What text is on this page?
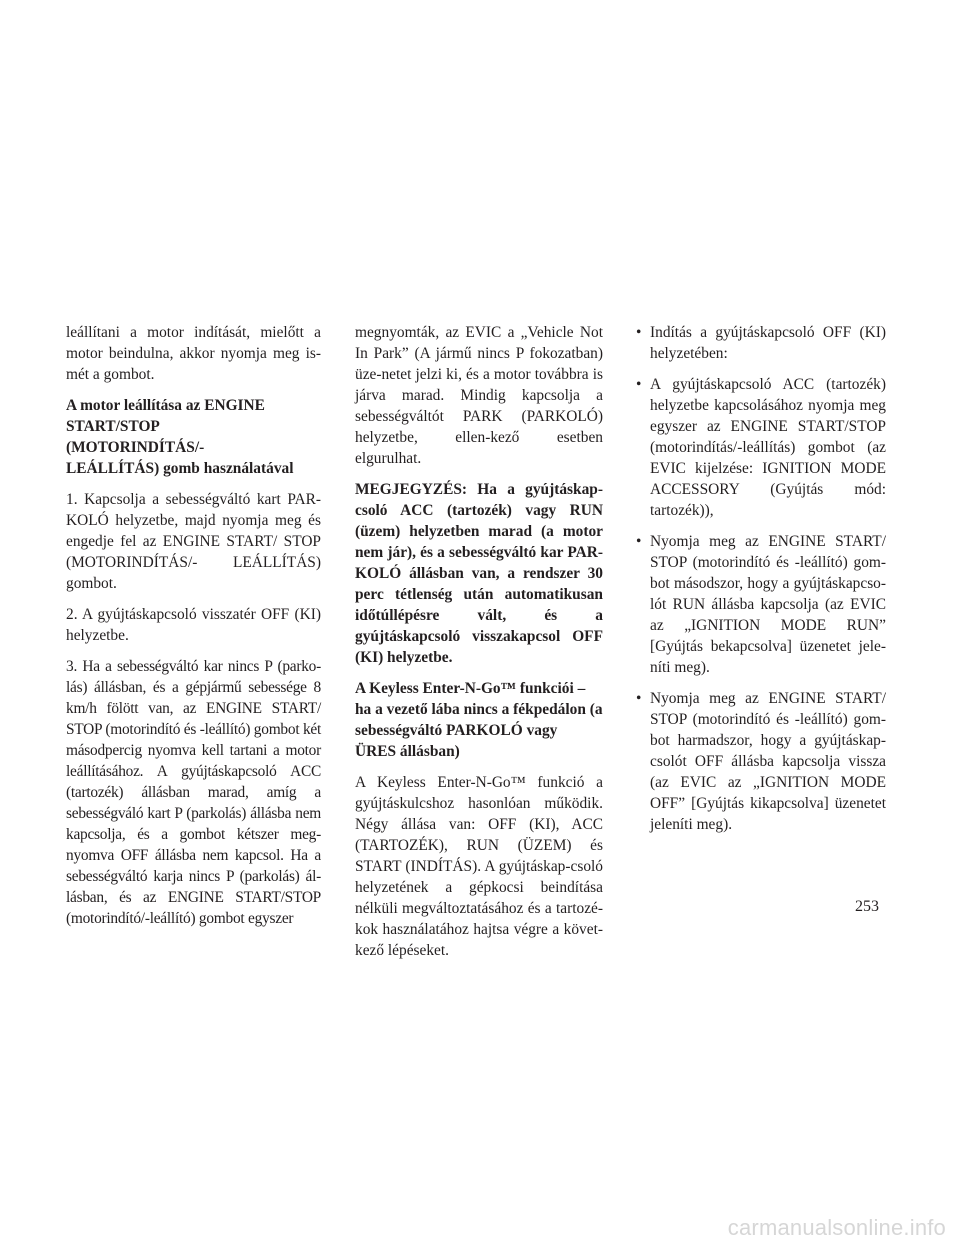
leállítani a motor indítását, mielőtt a motor beindulna, akkor nyomja meg is-mét a gombot.

A motor leállítása az ENGINE
START/STOP
(MOTORINDÍTÁS/-
LEÁLLÍTÁS) gomb használatával

1. Kapcsolja a sebességváltó kart PAR-KOLÓ helyzetbe, majd nyomja meg és engedje fel az ENGINE START/ STOP (MOTORINDÍTÁS/- LEÁLLÍTÁS) gombot.

2. A gyújtáskapcsoló visszatér OFF (KI) helyzetbe.

3. Ha a sebességváltó kar nincs P (parko-lás) állásban, és a gépjármű sebessége 8 km/h fölött van, az ENGINE START/ STOP (motorindító és -leállító) gombot két másodpercig nyomva kell tartani a motor leállításához. A gyújtáskapcsoló ACC (tartozék) állásban marad, amíg a sebességváló kart P (parkolás) állásba nem kapcsolja, és a gombot kétszer meg-nyomva OFF állásba nem kapcsol. Ha a sebességváltó karja nincs P (parkolás) ál-lásban, és az ENGINE START/STOP (motorindító/-leállító) gombot egyszer

megnyomták, az EVIC a „Vehicle Not In Park” (A jármű nincs P fokozatban) üze-netet jelzi ki, és a motor továbbra is járva marad. Mindig kapcsolja a sebességváltót PARK (PARKOLÓ) helyzetbe, ellen-kező esetben elgurulhat.

MEGJEGYZÉS: Ha a gyújtáskap-csoló ACC (tartozék) vagy RUN (üzem) helyzetben marad (a motor nem jár), és a sebességváltó kar PAR-KOLÓ állásban van, a rendszer 30 perc tétlenség után automatikusan időtúllépésre vált, és a gyújtáskapcsoló visszakapcsol OFF (KI) helyzetbe.

A Keyless Enter-N-Go™ funkciói –
ha a vezető lába nincs a fékpedálon (a
sebességváltó PARKOLÓ vagy
ÜRES állásban)

A Keyless Enter-N-Go™ funkció a gyújtáskulcshoz hasonlóan működik. Négy állása van: OFF (KI), ACC (TARTOZÉK), RUN (ÜZEM) és START (INDÍTÁS). A gyújtáskap-csoló helyzetének a gépkocsi beindítása nélküli megváltoztatásához és a tartozé-kok használatához hajtsa végre a követ-kező lépéseket.

• Indítás a gyújtáskapcsoló OFF (KI) helyzetében:
• A gyújtáskapcsoló ACC (tartozék) helyzetbe kapcsolásához nyomja meg egyszer az ENGINE START/STOP (motorindítás/-leállítás) gombot (az EVIC kijelzése: IGNITION MODE ACCESSORY (Gyújtás mód: tartozék)),
• Nyomja meg az ENGINE START/ STOP (motorindító és -leállító) gom-bot másodszor, hogy a gyújtáskapcso-lót RUN állásba kapcsolja (az EVIC az „IGNITION MODE RUN” [Gyújtás bekapcsolva] üzenetet jele-níti meg).
• Nyomja meg az ENGINE START/ STOP (motorindító és -leállító) gom-bot harmadszor, hogy a gyújtáskap-csolót OFF állásba kapcsolja vissza (az EVIC az „IGNITION MODE OFF” [Gyújtás kikapcsolva] üzenetet jeleníti meg).
253
carmanualsonline.info
